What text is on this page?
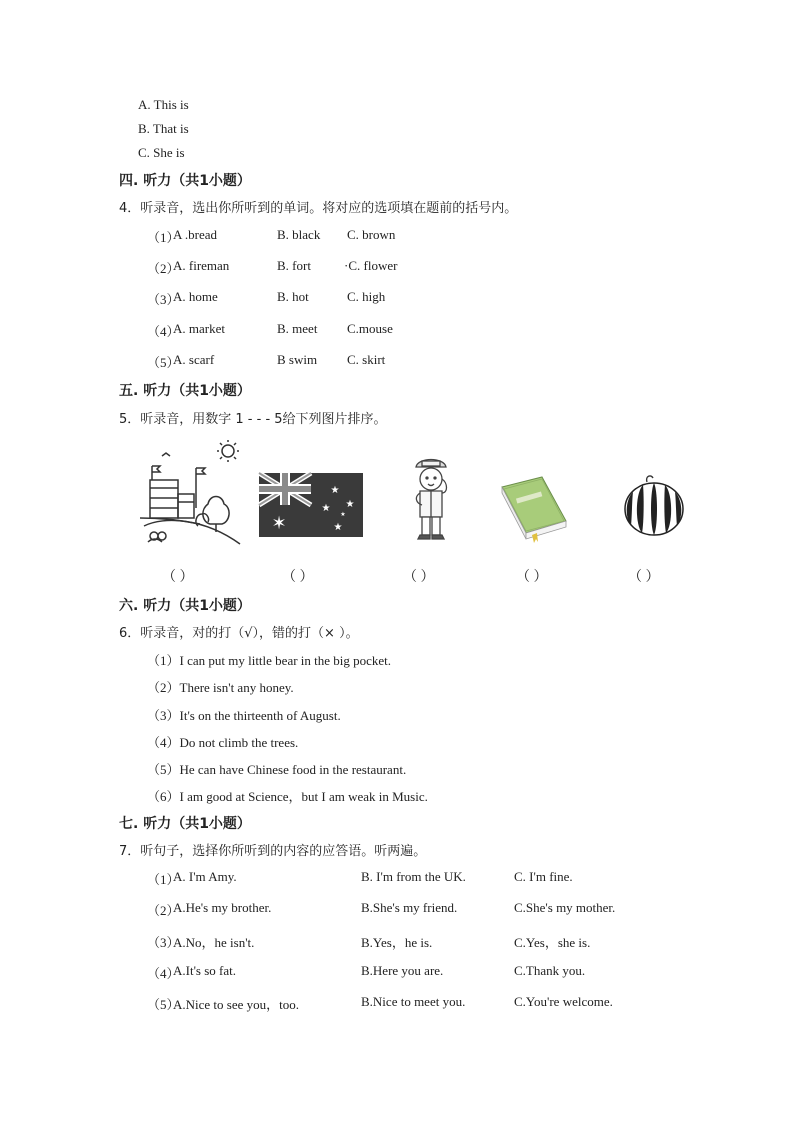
A. This is
B. That is
C. She is
四. 听力（共1小题）
4．听录音，选出你所听到的单词。将对应的选项填在题前的括号内。
（1）
A .bread	B. black C. brown
（2）
A. fireman	B. fort	·C. flower
（3）
A. home	B. hot	C. high
（4）
A. market	B. meet C.mouse
（5）
A. scarf	B swim C. skirt
五. 听力（共1小题）
5．听录音，用数字 1 - - - 5给下列图片排序。
✶
★
★
★
★
★
（ ）	（ ）	（ ）	（ ）	（ ）
六. 听力（共1小题）
6．听录音，对的打（√），错的打（× ）。
（1）I can put my little bear in the big pocket.
（2）There isn't any honey.
（3）It's on the thirteenth of August.
（4）Do not climb the trees.
（5）He can have Chinese food in the restaurant.
（6）I am good at Science，but I am weak in Music.
七. 听力（共1小题）
7．听句子，选择你所听到的内容的应答语。听两遍。
（1）
A. I'm Amy.	B. I'm from the UK.	C. I'm fine.
（2）
A.He's my brother.	B.She's my friend.	C.She's my mother.
（3）
A.No，he isn't.	B.Yes，he is.	C.Yes，she is.
（4）
A.It's so fat.	B.Here you are.	C.Thank you.
（5）
A.Nice to see you，too.	B.Nice to meet you.	C.You're welcome.
